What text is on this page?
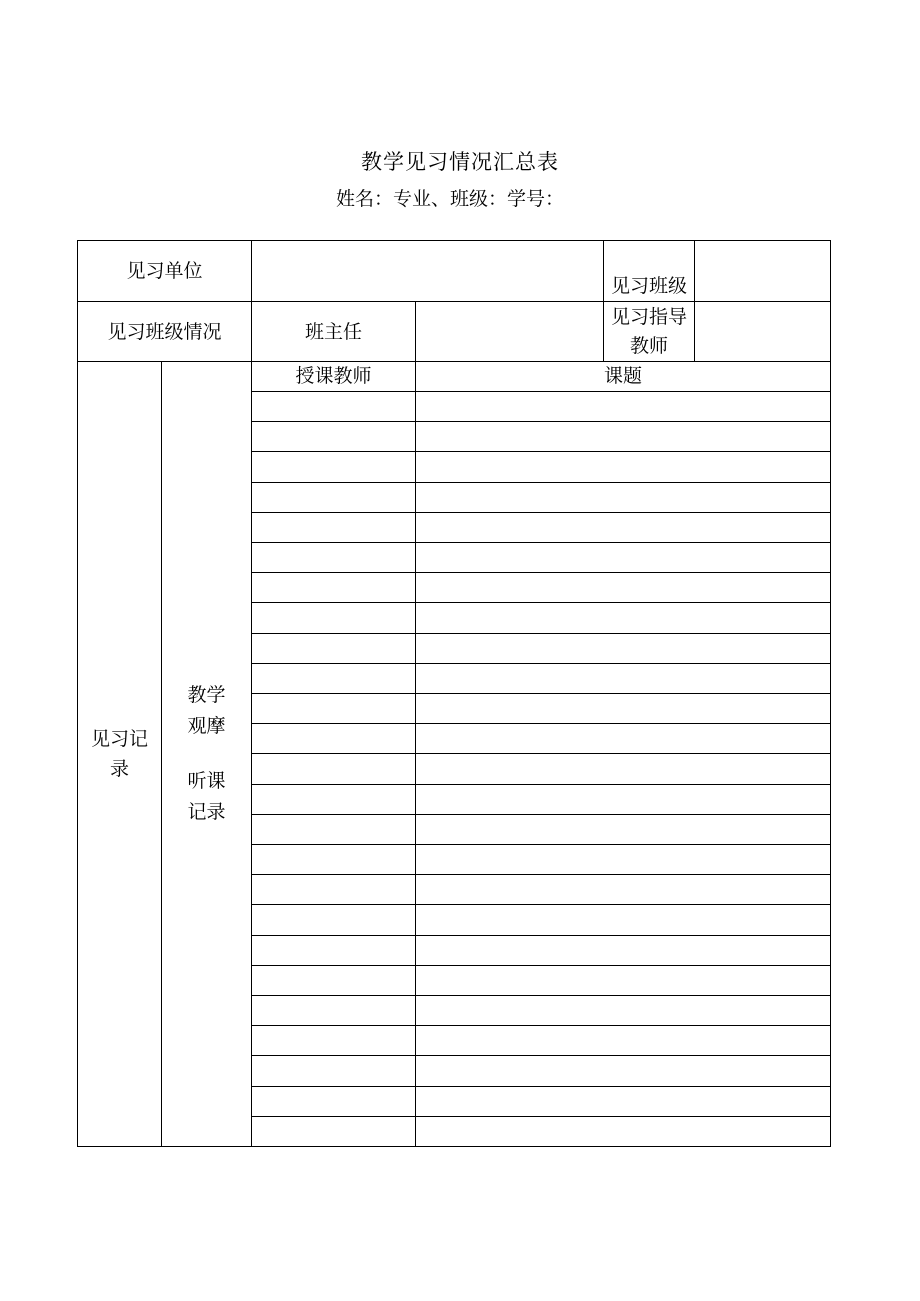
教学见习情况汇总表
姓名：专业、班级：学号：
见习单位
见习班级
见习班级情况	班主任
见习指导
教师
见习记
录
教学
观摩
听课
记录
授课教师	课题
